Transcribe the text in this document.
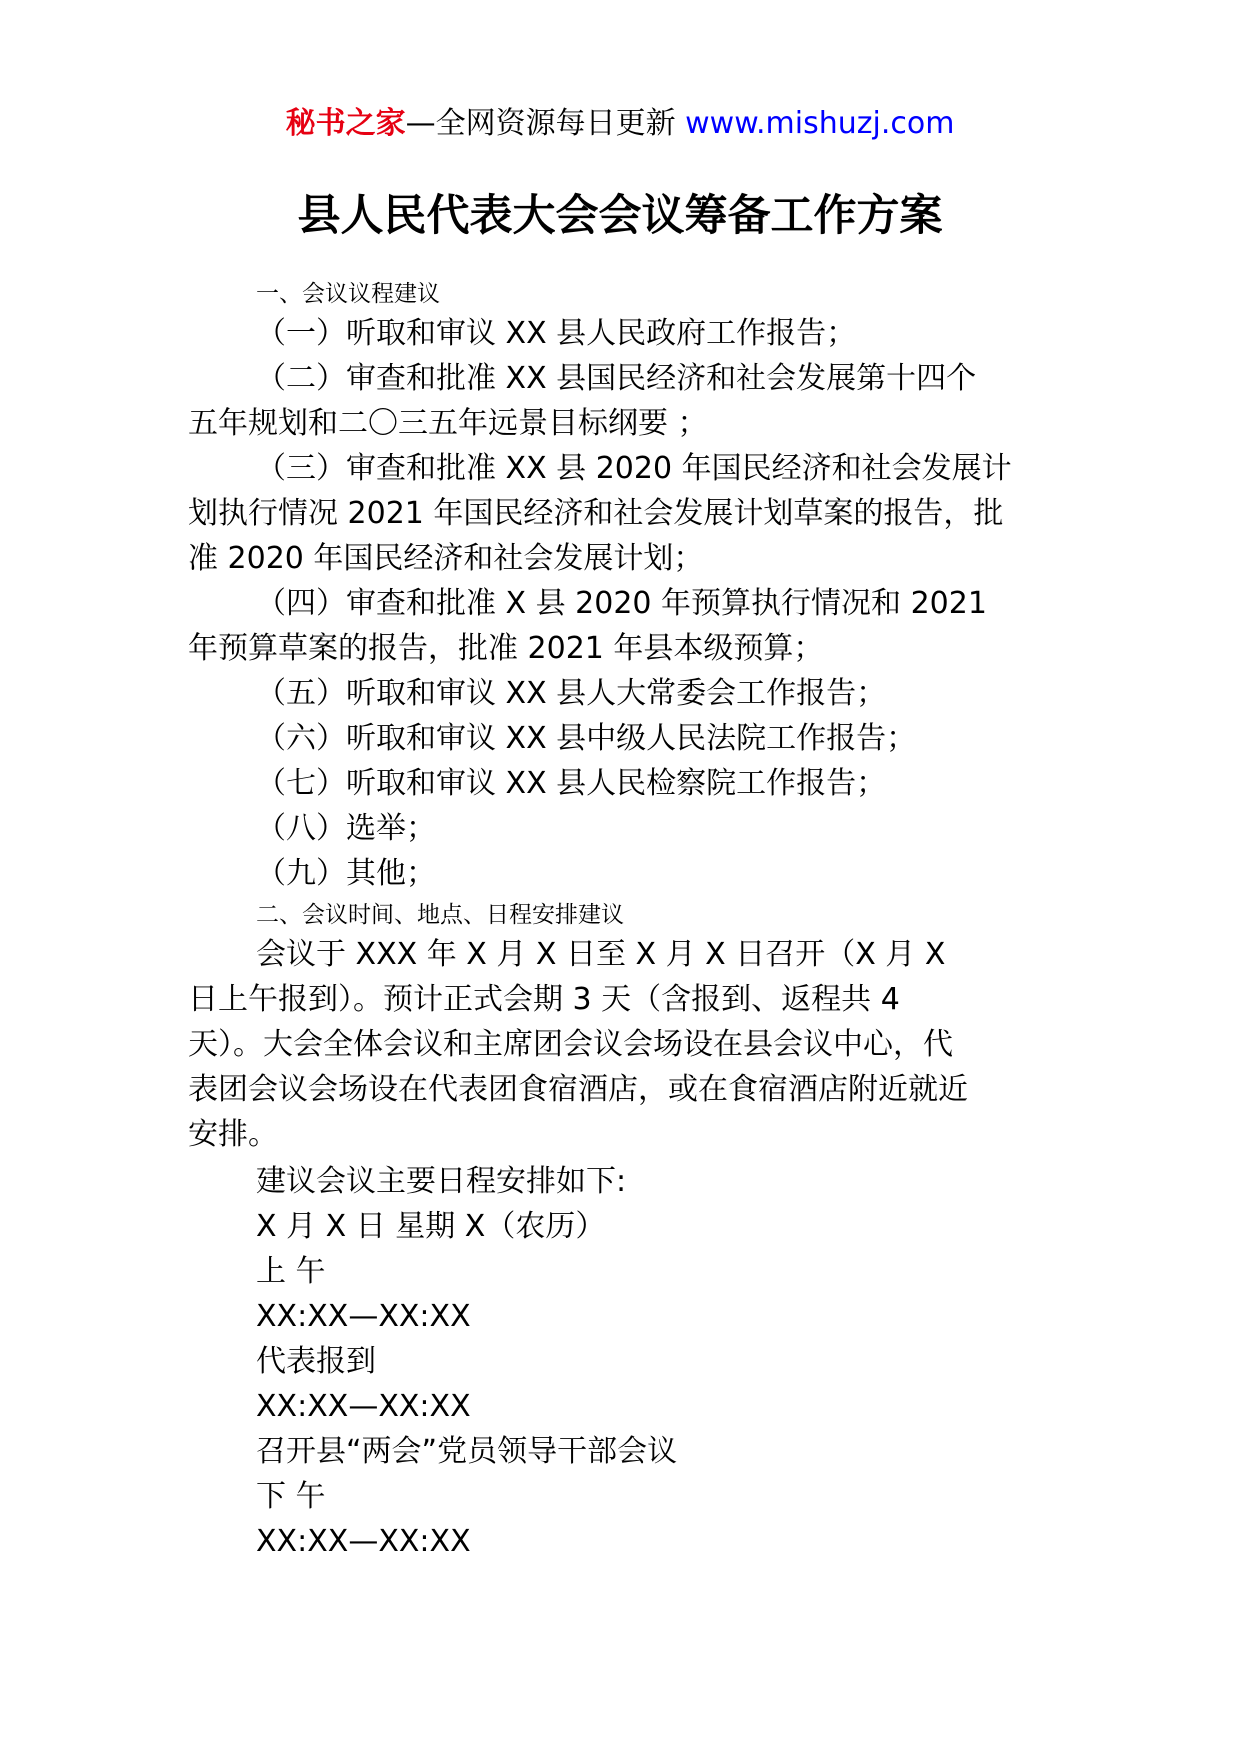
秘书之家—全网资源每日更新 www.mishuzj.com
县人民代表大会会议筹备工作方案
一、会议议程建议

（一）听取和审议 XX 县人民政府工作报告；

（二）审查和批准 XX 县国民经济和社会发展第十四个五年规划和二〇三五年远景目标纲要 ；

（三）审查和批准 XX 县 2020 年国民经济和社会发展计划执行情况 2021 年国民经济和社会发展计划草案的报告，批准 2020 年国民经济和社会发展计划；

（四）审查和批准 X 县 2020 年预算执行情况和 2021 年预算草案的报告，批准 2021 年县本级预算；

（五）听取和审议 XX 县人大常委会工作报告；

（六）听取和审议 XX 县中级人民法院工作报告；

（七）听取和审议 XX 县人民检察院工作报告；

（八）选举；

（九）其他；

二、会议时间、地点、日程安排建议

会议于 XXX 年 X 月 X 日至 X 月 X 日召开（X 月 X 日上午报到）。预计正式会期 3 天（含报到、返程共 4 天）。大会全体会议和主席团会议会场设在县会议中心，代表团会议会场设在代表团食宿酒店，或在食宿酒店附近就近安排。

建议会议主要日程安排如下:

X 月 X 日 星期 X（农历）

上 午

XX:XX—XX:XX

代表报到

XX:XX—XX:XX

召开县“两会”党员领导干部会议

下 午

XX:XX—XX:XX
